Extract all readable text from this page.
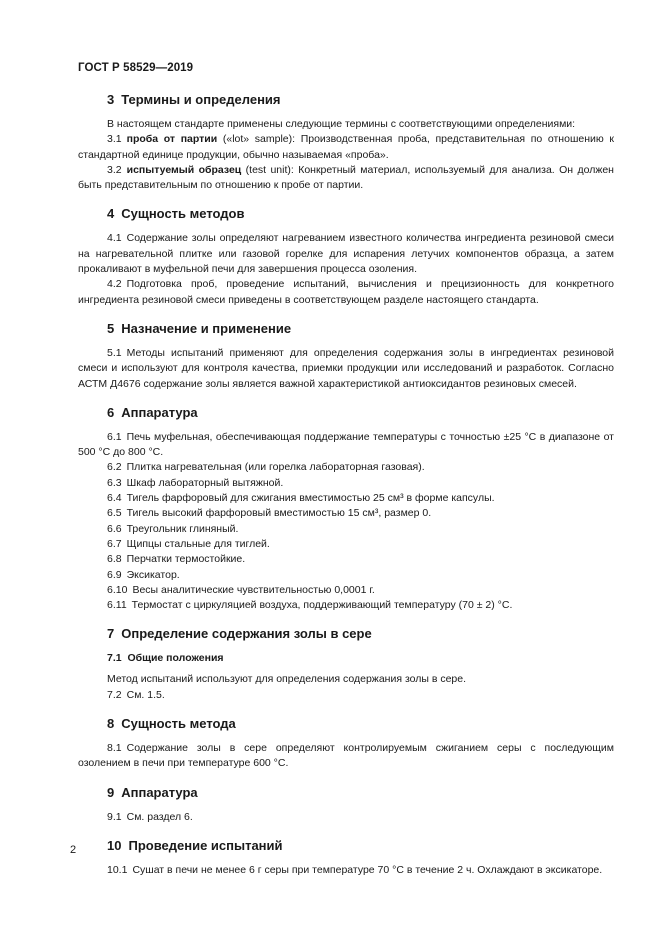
ГОСТ Р 58529—2019
3 Термины и определения

В настоящем стандарте применены следующие термины с соответствующими определениями:

3.1 проба от партии («lot» sample): Производственная проба, представительная по отношению к стандартной единице продукции, обычно называемая «проба».

3.2 испытуемый образец (test unit): Конкретный материал, используемый для анализа. Он должен быть представительным по отношению к пробе от партии.

4 Сущность методов

4.1 Содержание золы определяют нагреванием известного количества ингредиента резиновой смеси на нагревательной плитке или газовой горелке для испарения летучих компонентов образца, а затем прокаливают в муфельной печи для завершения процесса озоления.

4.2 Подготовка проб, проведение испытаний, вычисления и прецизионность для конкретного ингредиента резиновой смеси приведены в соответствующем разделе настоящего стандарта.

5 Назначение и применение

5.1 Методы испытаний применяют для определения содержания золы в ингредиентах резиновой смеси и используют для контроля качества, приемки продукции или исследований и разработок. Согласно АСТМ Д4676 содержание золы является важной характеристикой антиоксидантов резиновых смесей.

6 Аппаратура

6.1 Печь муфельная, обеспечивающая поддержание температуры с точностью ±25 °C в диапазоне от 500 °C до 800 °C.

6.2 Плитка нагревательная (или горелка лабораторная газовая).

6.3 Шкаф лабораторный вытяжной.

6.4 Тигель фарфоровый для сжигания вместимостью 25 см³ в форме капсулы.

6.5 Тигель высокий фарфоровый вместимостью 15 см³, размер 0.

6.6 Треугольник глиняный.

6.7 Щипцы стальные для тиглей.

6.8 Перчатки термостойкие.

6.9 Эксикатор.

6.10 Весы аналитические чувствительностью 0,0001 г.

6.11 Термостат с циркуляцией воздуха, поддерживающий температуру (70 ± 2) °C.

7 Определение содержания золы в сере
7.1 Общие положения

Метод испытаний используют для определения содержания золы в сере.

7.2 См. 1.5.

8 Сущность метода

8.1 Содержание золы в сере определяют контролируемым сжиганием серы с последующим озолением в печи при температуре 600 °C.

9 Аппаратура

9.1 См. раздел 6.

10 Проведение испытаний

10.1 Сушат в печи не менее 6 г серы при температуре 70 °C в течение 2 ч. Охлаждают в эксикаторе.

2
